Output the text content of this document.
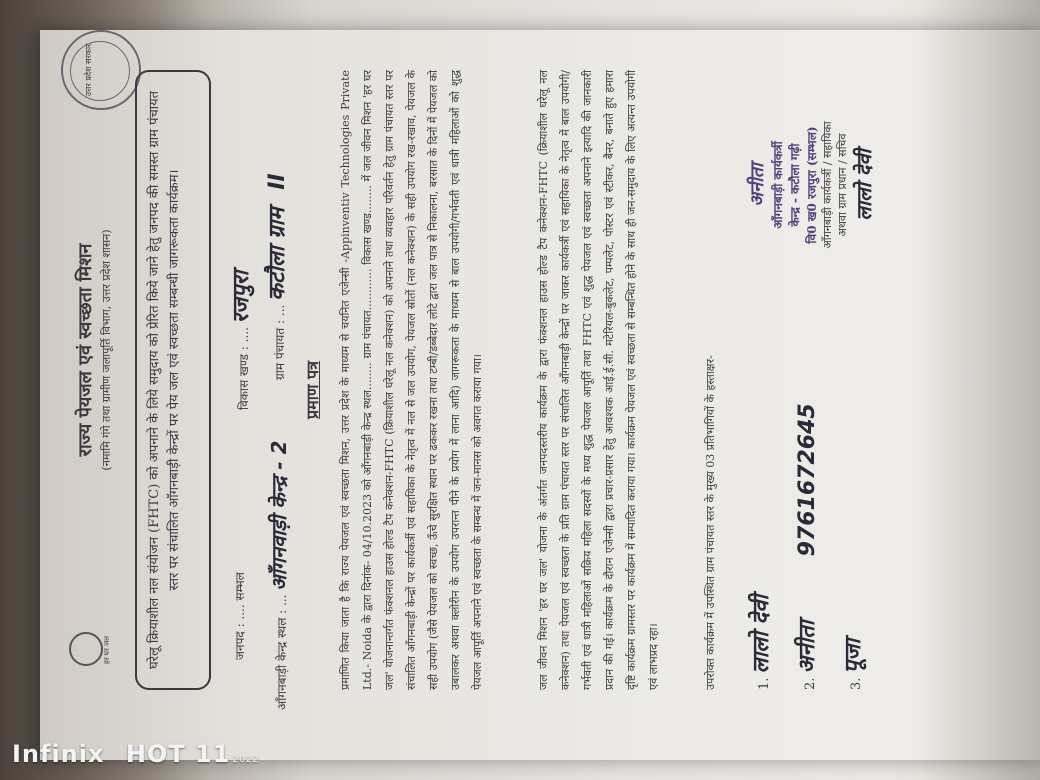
हर घर जल
राज्य पेयजल एवं स्वच्छता मिशन (नमामि गंगे तथा ग्रामीण जलापूर्ति विभाग, उत्तर प्रदेश शासन)
उत्तर प्रदेश सरकार
घरेलू क्रियाशील नल संयोजन (FHTC) को अपनाने के लिये समुदाय को प्रेरित किये जाने हेतु जनपद की समस्त ग्राम पंचायत स्तर पर संचालित आँगनबाड़ी केन्द्रों पर पेय जल एवं स्वच्छता सम्बन्धी जागरूकता कार्यक्रम।
जनपद : .... सम्भल
विकास खण्ड : .... रजपुरा
आँगनबाड़ी केन्द्र स्थल : ... आँगनवाड़ी केन्द्र - 2
ग्राम पंचायत : ... कटौला ग्राम II
प्रमाण पत्र	प्रमाणित किया जाता है कि राज्य पेयजल एवं स्वच्छता मिशन, उत्तर प्रदेश के माध्यम से चयनित एजेन्सी -Appinventiv Technologies Private Ltd.- Noida के द्वारा दिनांक- 04/10.2023 को आँगनबाड़ी केन्द्र स्थल........ ग्राम पंचायत............ विकास खण्ड........ में जल जीवन मिशन 'हर घर जल' योजनान्तर्गत फंक्शनल हाउस होल्ड टैप कनेक्शन-FHTC (क्रियाशील घरेलू नल कनेक्शन) को अपनाने तथा व्यवहार परिवर्तन हेतु ग्राम पंचायत स्तर पर संचालित आँगनबाड़ी केन्द्रों पर कार्यकर्त्री एवं सहायिका के नेतृत्व में नल से जल उपयोग, पेयजल स्रोतों (नल कनेक्शन) के सही उपयोग रख-रखाव, पेयजल के सही उपयोग (जैसे पेयजल को स्वच्छ, ऊँचे सुरक्षित स्थान पर ढककर रखना तथा टम्बी/डब्बेदार लोटे द्वारा जल पात्र से निकालना, बरसात के दिनों में पेयजल को उबालकर अथवा क्लोरीन के उपयोग उपरान्त पीने के प्रयोग में लाना आदि) जागरूकता के माध्यम से बाल उपयोगी/गर्भवती एवं धात्री महिलाओं को शुद्ध पेयजल आपूर्ति अपनाने एवं स्वच्छता के सम्बन्ध में जन-मानस को अवगत कराया गया।	जल जीवन मिशन 'हर घर जल' योजना के अंतर्गत जनपदस्तरीय कार्यक्रम के द्वारा फंक्शनल हाउस होल्ड टैप कनेक्शन-FHTC (क्रियाशील घरेलू नल कनेक्शन) तथा पेयजल एवं स्वच्छता के प्रति ग्राम पंचायत स्तर पर संचालित आँगनबाड़ी केन्द्रों पर जाकर कार्यकर्त्री एवं सहायिका के नेतृत्व में बाल उपयोगी/गर्भवती एवं धात्री महिलाओं सक्रिय महिला सदस्यों के मध्य शुद्ध पेयजल आपूर्ति तथा FHTC एवं शुद्ध पेयजल एवं स्वच्छता अपनाने इत्यादि की जानकारी प्रदान की गई। कार्यक्रम के दौरान एजेन्सी द्वारा प्रचार-प्रसार हेतु आवश्यक आई.ई.सी. मटेरियल-बुकलेट, पम्पलेट, पोस्टर एवं स्टीकर, बैनर, बनाते हुए हमारा दृष्टि कार्यक्रम ग्रामस्तर पर कार्यक्रम में सम्पादित कराया गया। कार्यक्रम पेयजल एवं स्वच्छता से सम्बन्धित होने के साथ ही जन-समुदाय के लिए अत्यन्त उपयोगी एवं लाभप्रद रहा।	उपरोक्त कार्यक्रम में उपस्थित ग्राम पंचायत स्तर के मुख्य 03 प्रतिभागियों के हस्ताक्षर-	1. लालो देवी
2. अनीता 9761672645
3. पूजा
अनीता आँगनबाड़ी कार्यकर्त्री केन्द्र - कटौला गढ़ी वि0 ख0 रजपुरा (सम्भल) आँगनबाड़ी कार्यकर्त्री / सहायिका अथवा ग्राम प्रधान / सचिव लालो देवी
Infinix HOT 11 2022
